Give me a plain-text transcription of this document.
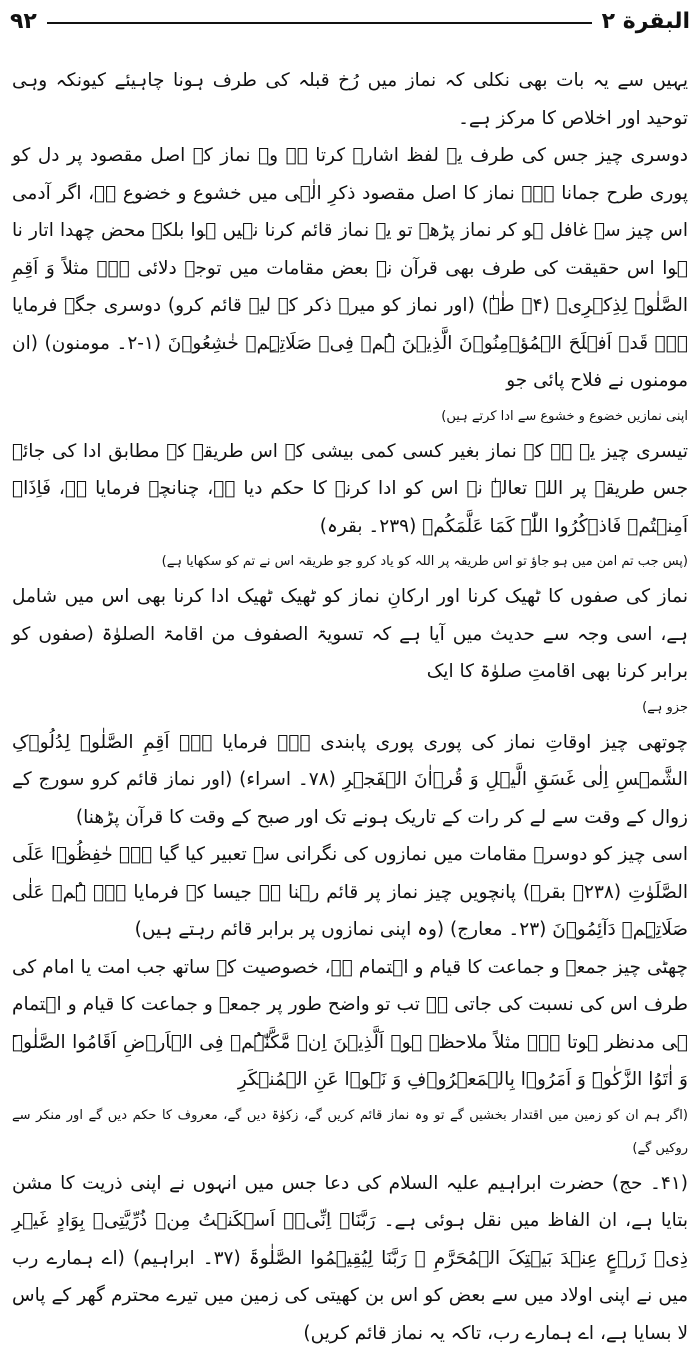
البقرة ٢
٩٢

یہیں سے یہ بات بھی نکلی کہ نماز میں رُخ قبلہ کی طرف ہونا چاہیئے کیونکہ وہی توحید اور اخلاص کا مرکز ہے۔

دوسری چیز جس کی طرف یہ لفظ اشارہ کرتا ہے وہ نماز کے اصل مقصود پر دل کو پوری طرح جمانا ہے۔ نماز کا اصل مقصود ذکرِ الٰہی میں خشوع و خضوع ہے، اگر آدمی اس چیز سے غافل ہو کر نماز پڑھے تو یہ نماز قائم کرنا نہیں ہوا بلکہ محض چھدا اتار نا ہوا اس حقیقت کی طرف بھی قرآن نے بعض مقامات میں توجہ دلائی ہے۔ مثلاً وَ اَقِمِ الصَّلٰوۃَ لِذِکۡرِیۡ (۴۔ طٰہٰ) (اور نماز کو میرے ذکر کے لیے قائم کرو) دوسری جگہ فرمایا ہے۔ قَدۡ اَفۡلَحَ الۡمُؤۡمِنُوۡنَ الَّذِیۡنَ ہُمۡ فِیۡ صَلَاتِہِمۡ خٰشِعُوۡنَ (۱-۲۔ مومنون) (ان مومنوں نے فلاح پائی جو

اپنی نمازیں خضوع و خشوع سے ادا کرتے ہیں)

تیسری چیز یہ ہے کہ نماز بغیر کسی کمی بیشی کے اس طریقہ کے مطابق ادا کی جائے جس طریقہ پر اللہ تعالےٰ نے اس کو ادا کرنے کا حکم دیا ہے، چنانچہ فرمایا ہے، فَاِذَاۤ اَمِنۡتُمۡ فَاذۡکُرُوا اللّٰہَ کَمَا عَلَّمَکُمۡ (۲۳۹۔ بقرہ)

(پس جب تم امن میں ہو جاؤ تو اس طریقہ پر اللہ کو یاد کرو جو طریقہ اس نے تم کو سکھایا ہے)

نماز کی صفوں کا ٹھیک کرنا اور ارکانِ نماز کو ٹھیک ٹھیک ادا کرنا بھی اس میں شامل ہے، اسی وجہ سے حدیث میں آیا ہے کہ تسویۃ الصفوف من اقامۃ الصلوٰۃ (صفوں کو برابر کرنا بھی اقامتِ صلوٰۃ کا ایک

جزو ہے)

چوتھی چیز اوقاتِ نماز کی پوری پوری پابندی ہے۔ فرمایا ہے۔ اَقِمِ الصَّلٰوۃَ لِدُلُوۡکِ الشَّمۡسِ اِلٰی غَسَقِ الَّیۡلِ وَ قُرۡاٰنَ الۡفَجۡرِ (۷۸۔ اسراء) (اور نماز قائم کرو سورج کے زوال کے وقت سے لے کر رات کے تاریک ہونے تک اور صبح کے وقت کا قرآن پڑھنا)

اسی چیز کو دوسرے مقامات میں نمازوں کی نگرانی سے تعبیر کیا گیا ہے۔ حٰفِظُوۡا عَلَی الصَّلَوٰتِ (۲۳۸۔ بقرہ) پانچویں چیز نماز پر قائم رہنا ہے جیسا کہ فرمایا ہے۔ ہُمۡ عَلٰی صَلَاتِہِمۡ دَآئِمُوۡنَ (۲۳۔ معارج) (وہ اپنی نمازوں پر برابر قائم رہتے ہیں)

چھٹی چیز جمعہ و جماعت کا قیام و اہتمام ہے، خصوصیت کے ساتھ جب امت یا امام کی طرف اس کی نسبت کی جاتی ہے تب تو واضح طور پر جمعہ و جماعت کا قیام و اہتمام ہی مدنظر ہوتا ہے۔ مثلاً ملاحظہ ہو۔ اَلَّذِیۡنَ اِنۡ مَّکَّنّٰہُمۡ فِی الۡاَرۡضِ اَقَامُوا الصَّلٰوۃَ وَ اٰتَوُا الزَّکٰوۃَ وَ اَمَرُوۡا بِالۡمَعۡرُوۡفِ وَ نَہَوۡا عَنِ الۡمُنۡکَرِ

(اگر ہم ان کو زمین میں اقتدار بخشیں گے تو وہ نماز قائم کریں گے، زکوٰۃ دیں گے، معروف کا حکم دیں گے اور منکر سے روکیں گے)

(۴۱۔ حج) حضرت ابراہیم علیہ السلام کی دعا جس میں انہوں نے اپنی ذریت کا مشن بتایا ہے، ان الفاظ میں نقل ہوئی ہے۔ رَبَّنَاۤ اِنِّیۡۤ اَسۡکَنۡتُ مِنۡ ذُرِّیَّتِیۡ بِوَادٍ غَیۡرِ ذِیۡ زَرۡعٍ عِنۡدَ بَیۡتِکَ الۡمُحَرَّمِ ۙ رَبَّنَا لِیُقِیۡمُوا الصَّلٰوۃَ (۳۷۔ ابراہیم) (اے ہمارے رب میں نے اپنی اولاد میں سے بعض کو اس بن کھیتی کی زمین میں تیرے محترم گھر کے پاس لا بسایا ہے، اے ہمارے رب، تاکہ یہ نماز قائم کریں)
